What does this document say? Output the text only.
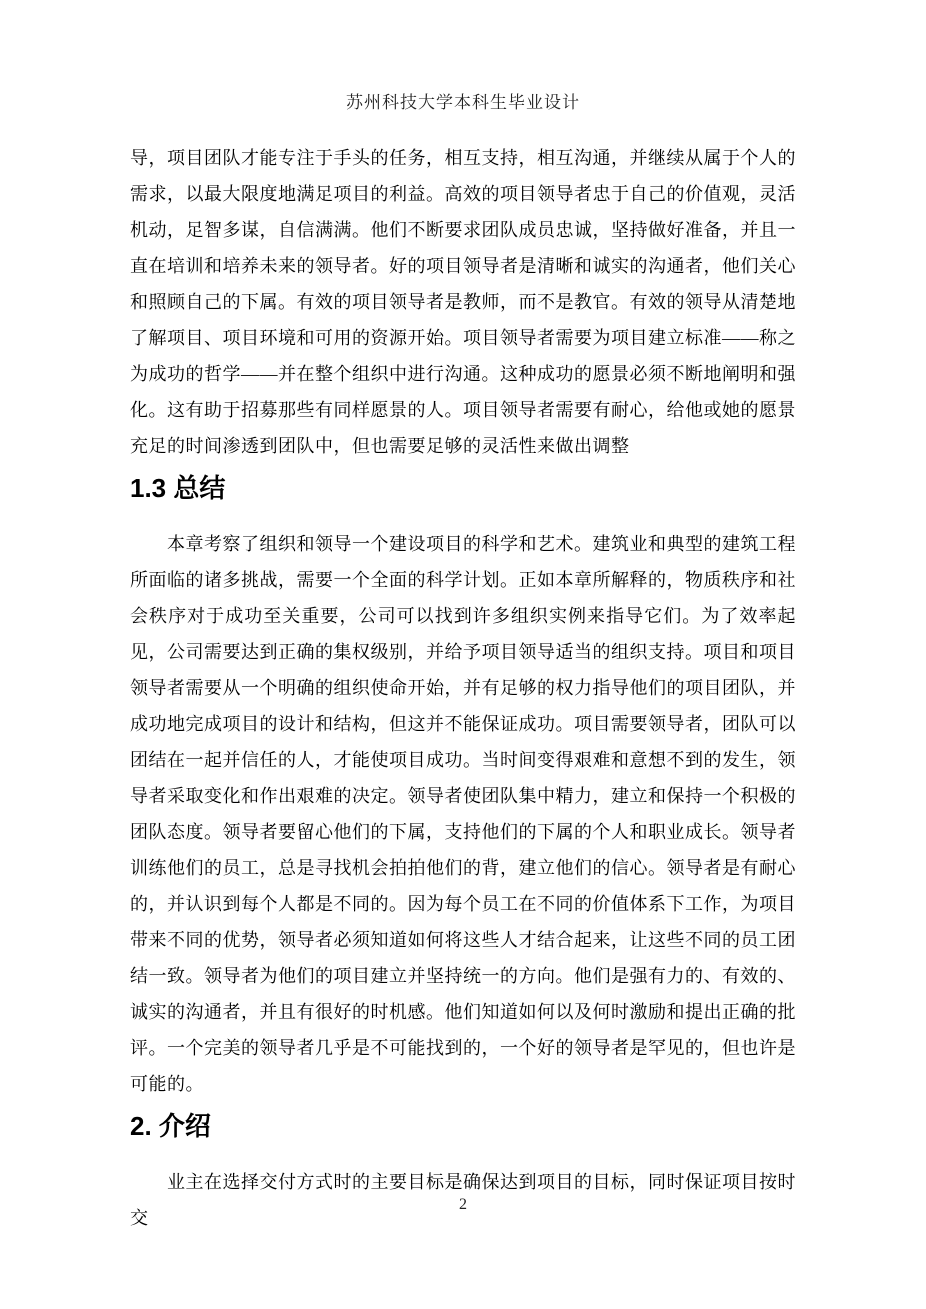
苏州科技大学本科生毕业设计

导，项目团队才能专注于手头的任务，相互支持，相互沟通，并继续从属于个人的需求，以最大限度地满足项目的利益。高效的项目领导者忠于自己的价值观，灵活机动，足智多谋，自信满满。他们不断要求团队成员忠诚，坚持做好准备，并且一直在培训和培养未来的领导者。好的项目领导者是清晰和诚实的沟通者，他们关心和照顾自己的下属。有效的项目领导者是教师，而不是教官。有效的领导从清楚地了解项目、项目环境和可用的资源开始。项目领导者需要为项目建立标准——称之为成功的哲学——并在整个组织中进行沟通。这种成功的愿景必须不断地阐明和强化。这有助于招募那些有同样愿景的人。项目领导者需要有耐心，给他或她的愿景充足的时间渗透到团队中，但也需要足够的灵活性来做出调整

1.3 总结

本章考察了组织和领导一个建设项目的科学和艺术。建筑业和典型的建筑工程所面临的诸多挑战，需要一个全面的科学计划。正如本章所解释的，物质秩序和社会秩序对于成功至关重要，公司可以找到许多组织实例来指导它们。为了效率起见，公司需要达到正确的集权级别，并给予项目领导适当的组织支持。项目和项目领导者需要从一个明确的组织使命开始，并有足够的权力指导他们的项目团队，并成功地完成项目的设计和结构，但这并不能保证成功。项目需要领导者，团队可以团结在一起并信任的人，才能使项目成功。当时间变得艰难和意想不到的发生，领导者采取变化和作出艰难的决定。领导者使团队集中精力，建立和保持一个积极的团队态度。领导者要留心他们的下属，支持他们的下属的个人和职业成长。领导者训练他们的员工，总是寻找机会拍拍他们的背，建立他们的信心。领导者是有耐心的，并认识到每个人都是不同的。因为每个员工在不同的价值体系下工作，为项目带来不同的优势，领导者必须知道如何将这些人才结合起来，让这些不同的员工团结一致。领导者为他们的项目建立并坚持统一的方向。他们是强有力的、有效的、诚实的沟通者，并且有很好的时机感。他们知道如何以及何时激励和提出正确的批评。一个完美的领导者几乎是不可能找到的，一个好的领导者是罕见的，但也许是可能的。

2. 介绍

业主在选择交付方式时的主要目标是确保达到项目的目标，同时保证项目按时交

2
